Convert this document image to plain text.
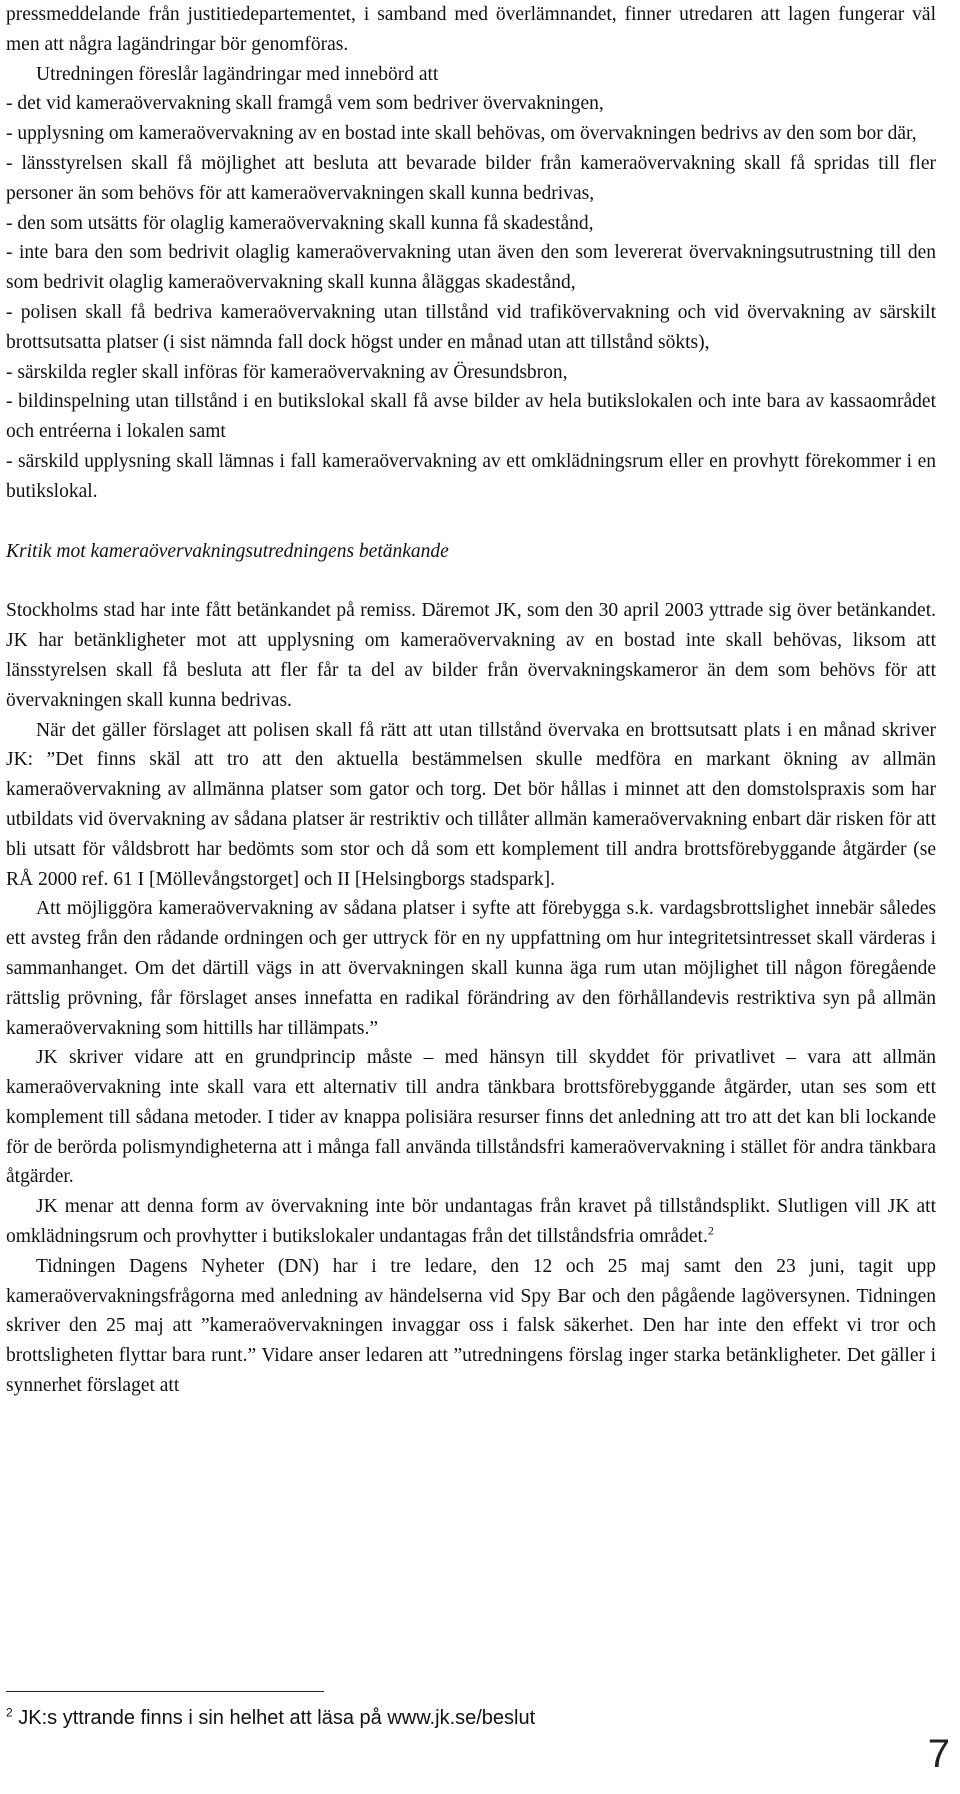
pressmeddelande från justitiedepartementet, i samband med överlämnandet, finner utredaren att lagen fungerar väl men att några lagändringar bör genomföras.

Utredningen föreslår lagändringar med innebörd att

- det vid kameraövervakning skall framgå vem som bedriver övervakningen,

- upplysning om kameraövervakning av en bostad inte skall behövas, om övervakningen bedrivs av den som bor där,

- länsstyrelsen skall få möjlighet att besluta att bevarade bilder från kameraövervakning skall få spridas till fler personer än som behövs för att kameraövervakningen skall kunna bedrivas,

- den som utsätts för olaglig kameraövervakning skall kunna få skadestånd,

- inte bara den som bedrivit olaglig kameraövervakning utan även den som levererat övervakningsutrustning till den som bedrivit olaglig kameraövervakning skall kunna åläggas skadestånd,

- polisen skall få bedriva kameraövervakning utan tillstånd vid trafikövervakning och vid övervakning av särskilt brottsutsatta platser (i sist nämnda fall dock högst under en månad utan att tillstånd sökts),

- särskilda regler skall införas för kameraövervakning av Öresundsbron,

- bildinspelning utan tillstånd i en butikslokal skall få avse bilder av hela butikslokalen och inte bara av kassaområdet och entréerna i lokalen samt

- särskild upplysning skall lämnas i fall kameraövervakning av ett omklädningsrum eller en provhytt förekommer i en butikslokal.

Kritik mot kameraövervakningsutredningens betänkande

Stockholms stad har inte fått betänkandet på remiss. Däremot JK, som den 30 april 2003 yttrade sig över betänkandet. JK har betänkligheter mot att upplysning om kameraövervakning av en bostad inte skall behövas, liksom att länsstyrelsen skall få besluta att fler får ta del av bilder från övervakningskameror än dem som behövs för att övervakningen skall kunna bedrivas.

När det gäller förslaget att polisen skall få rätt att utan tillstånd övervaka en brottsutsatt plats i en månad skriver JK: ”Det finns skäl att tro att den aktuella bestämmelsen skulle medföra en markant ökning av allmän kameraövervakning av allmänna platser som gator och torg. Det bör hållas i minnet att den domstolspraxis som har utbildats vid övervakning av sådana platser är restriktiv och tillåter allmän kameraövervakning enbart där risken för att bli utsatt för våldsbrott har bedömts som stor och då som ett komplement till andra brottsförebyggande åtgärder (se RÅ 2000 ref. 61 I [Möllevångstorget] och II [Helsingborgs stadspark].

Att möjliggöra kameraövervakning av sådana platser i syfte att förebygga s.k. vardagsbrottslighet innebär således ett avsteg från den rådande ordningen och ger uttryck för en ny uppfattning om hur integritetsintresset skall värderas i sammanhanget. Om det därtill vägs in att övervakningen skall kunna äga rum utan möjlighet till någon föregående rättslig prövning, får förslaget anses innefatta en radikal förändring av den förhållandevis restriktiva syn på allmän kameraövervakning som hittills har tillämpats.”

JK skriver vidare att en grundprincip måste – med hänsyn till skyddet för privatlivet – vara att allmän kameraövervakning inte skall vara ett alternativ till andra tänkbara brottsförebyggande åtgärder, utan ses som ett komplement till sådana metoder. I tider av knappa polisiära resurser finns det anledning att tro att det kan bli lockande för de berörda polismyndigheterna att i många fall använda tillståndsfri kameraövervakning i stället för andra tänkbara åtgärder.

JK menar att denna form av övervakning inte bör undantagas från kravet på tillståndsplikt. Slutligen vill JK att omklädningsrum och provhytter i butikslokaler undantagas från det tillståndsfria området.$^2$

Tidningen Dagens Nyheter (DN) har i tre ledare, den 12 och 25 maj samt den 23 juni, tagit upp kameraövervakningsfrågorna med anledning av händelserna vid Spy Bar och den pågående lagöversynen. Tidningen skriver den 25 maj att ”kameraövervakningen invaggar oss i falsk säkerhet. Den har inte den effekt vi tror och brottsligheten flyttar bara runt.” Vidare anser ledaren att ”utredningens förslag inger starka betänkligheter. Det gäller i synnerhet förslaget att

$^2$ JK:s yttrande finns i sin helhet att läsa på www.jk.se/beslut
7
